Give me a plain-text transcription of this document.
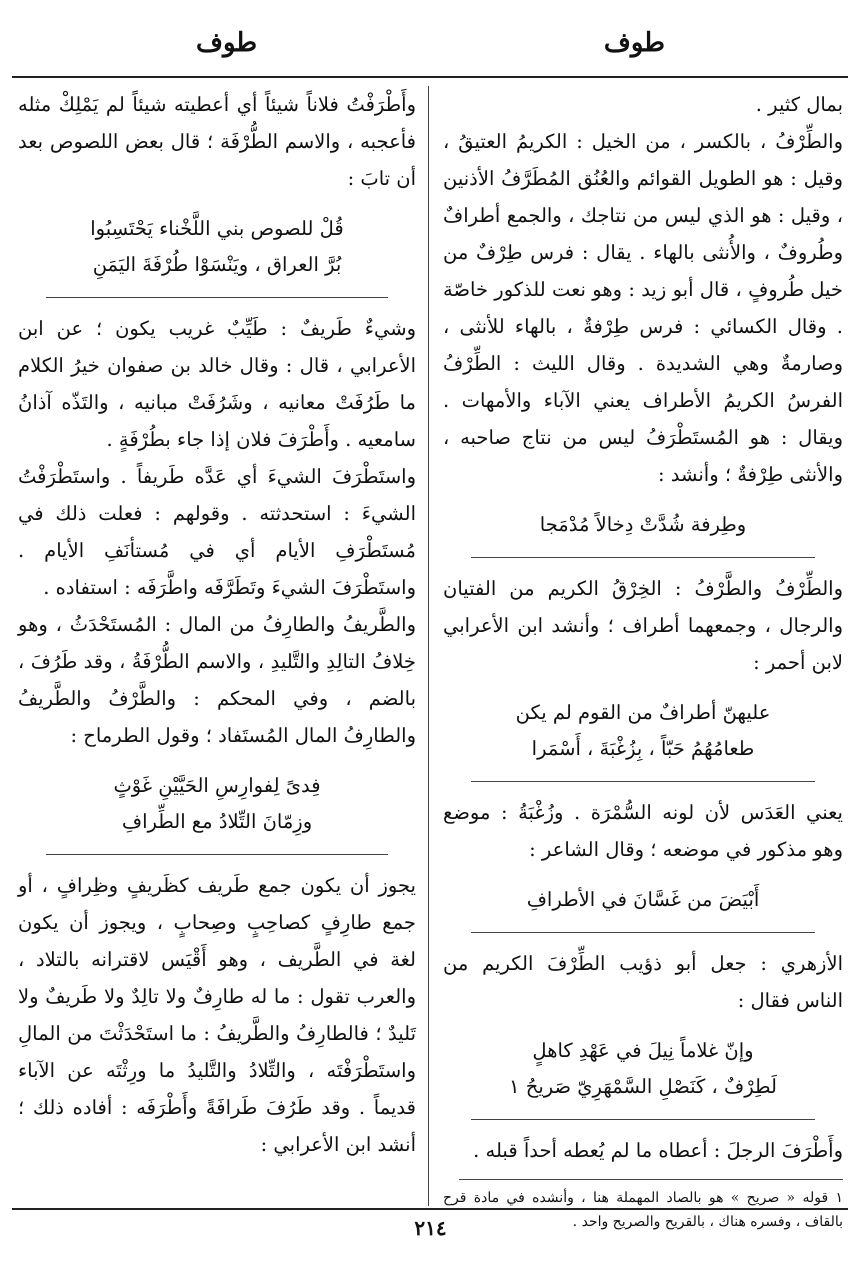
طوف
طوف

بمال كثير .

والطِّرْفُ ، بالكسر ، من الخيل : الكريمُ العتيقُ ، وقيل : هو الطويل القوائم والعُنُق المُطَرَّفُ الأذنين ، وقيل : هو الذي ليس من نتاجك ، والجمع أطرافٌ وطُروفٌ ، والأُنثى بالهاء . يقال : فرس طِرْفٌ من خيل طُروفٍ ، قال أبو زيد : وهو نعت للذكور خاصّة . وقال الكسائي : فرس طِرْفةٌ ، بالهاء للأنثى ، وصارمةٌ وهي الشديدة . وقال الليث : الطِّرْفُ الفرسُ الكريمُ الأطراف يعني الآباء والأمهات . ويقال : هو المُستَطْرَفُ ليس من نتاج صاحبه ، والأنثى طِرْفةٌ ؛ وأنشد :

وطِرفة شُدَّتْ دِخالاً مُدْمَجا

والطِّرْفُ والطَّرْفُ : الخِرْقُ الكريم من الفتيان والرجال ، وجمعهما أطراف ؛ وأنشد ابن الأعرابي لابن أحمر :

عليهنّ أطرافٌ من القوم لم يكن
طعامُهُمُ حَبّاً ، بِزُغْبَةَ ، أَسْمَرا

يعني العَدَس لأن لونه السُّمْرَة . وزُغْبَةُ : موضع وهو مذكور في موضعه ؛ وقال الشاعر :

أَبْيَضَ من غَسَّانَ في الأطرافِ

الأزهري : جعل أبو ذؤيب الطِّرْفَ الكريم من الناس فقال :

وإنّ غلاماً نِيلَ في عَهْدِ كاهلٍ
لَطِرْفٌ ، كَنَصْلِ السَّمْهَرِيّ صَريحُ ١

وأَطْرَفَ الرجلَ : أعطاه ما لم يُعطه أحداً قبله .

١ قوله « صريح » هو بالصاد المهملة هنا ، وأنشده في مادة قرح بالقاف ، وفسره هناك ، بالقريح والصريح واحد .

وأَطْرَفْتُ فلاناً شيئاً أي أعطيته شيئاً لم يَمْلِكْ مثله فأعجبه ، والاسم الطُّرْفَة ؛ قال بعض اللصوص بعد أن تابَ :

قُلْ للصوص بني اللَّخْناء يَحْتَسِبُوا
بُرَّ العراق ، ويَنْسَوْا طُرْفَةَ اليَمَنِ

وشيءٌ طَريفٌ : طَيِّبٌ غريب يكون ؛ عن ابن الأعرابي ، قال : وقال خالد بن صفوان خيرُ الكلام ما طَرُفَتْ معانيه ، وشَرُفَتْ مبانيه ، والتَذّه آذانُ سامعيه . وأَطْرَفَ فلان إذا جاء بطُرْفَةٍ .

واستَطْرَفَ الشيءَ أي عَدَّه طَريفاً . واستَطْرَفْتُ الشيءَ : استحدثته . وقولهم : فعلت ذلك في مُستَطْرَفِ الأيام أي في مُستأنَفِ الأيام . واستَطْرَفَ الشيءَ وتَطَرَّفَه واطَّرَفَه : استفاده .

والطَّريفُ والطارِفُ من المال : المُستَحْدَثُ ، وهو خِلافُ التالِدِ والتَّليدِ ، والاسم الطُّرْفَةُ ، وقد طَرُفَ ، بالضم ، وفي المحكم : والطَّرْفُ والطَّريفُ والطارِفُ المال المُستَفاد ؛ وقول الطرماح :

فِدىً لِفوارِسِ الحَيَّيْنِ غَوْثٍ
وزِمّانَ التِّلادُ مع الطِّرافِ

يجوز أن يكون جمع طَريف كظَريفٍ وظِرافٍ ، أو جمع طارِفٍ كصاحِبٍ وصِحابٍ ، ويجوز أن يكون لغة في الطَّريف ، وهو أَقْيَس لاقترانه بالتلاد ، والعرب تقول : ما له طارِفٌ ولا تالِدٌ ولا طَريفٌ ولا تَليدٌ ؛ فالطارِفُ والطَّريفُ : ما استَحْدَثْتَ من المالِ واستَطْرَفْتَه ، والتِّلادُ والتَّليدُ ما ورِثْتَه عن الآباء قديماً . وقد طَرُفَ طَرافَةً وأَطْرَفَه : أفاده ذلك ؛ أنشد ابن الأعرابي :

٢١٤
